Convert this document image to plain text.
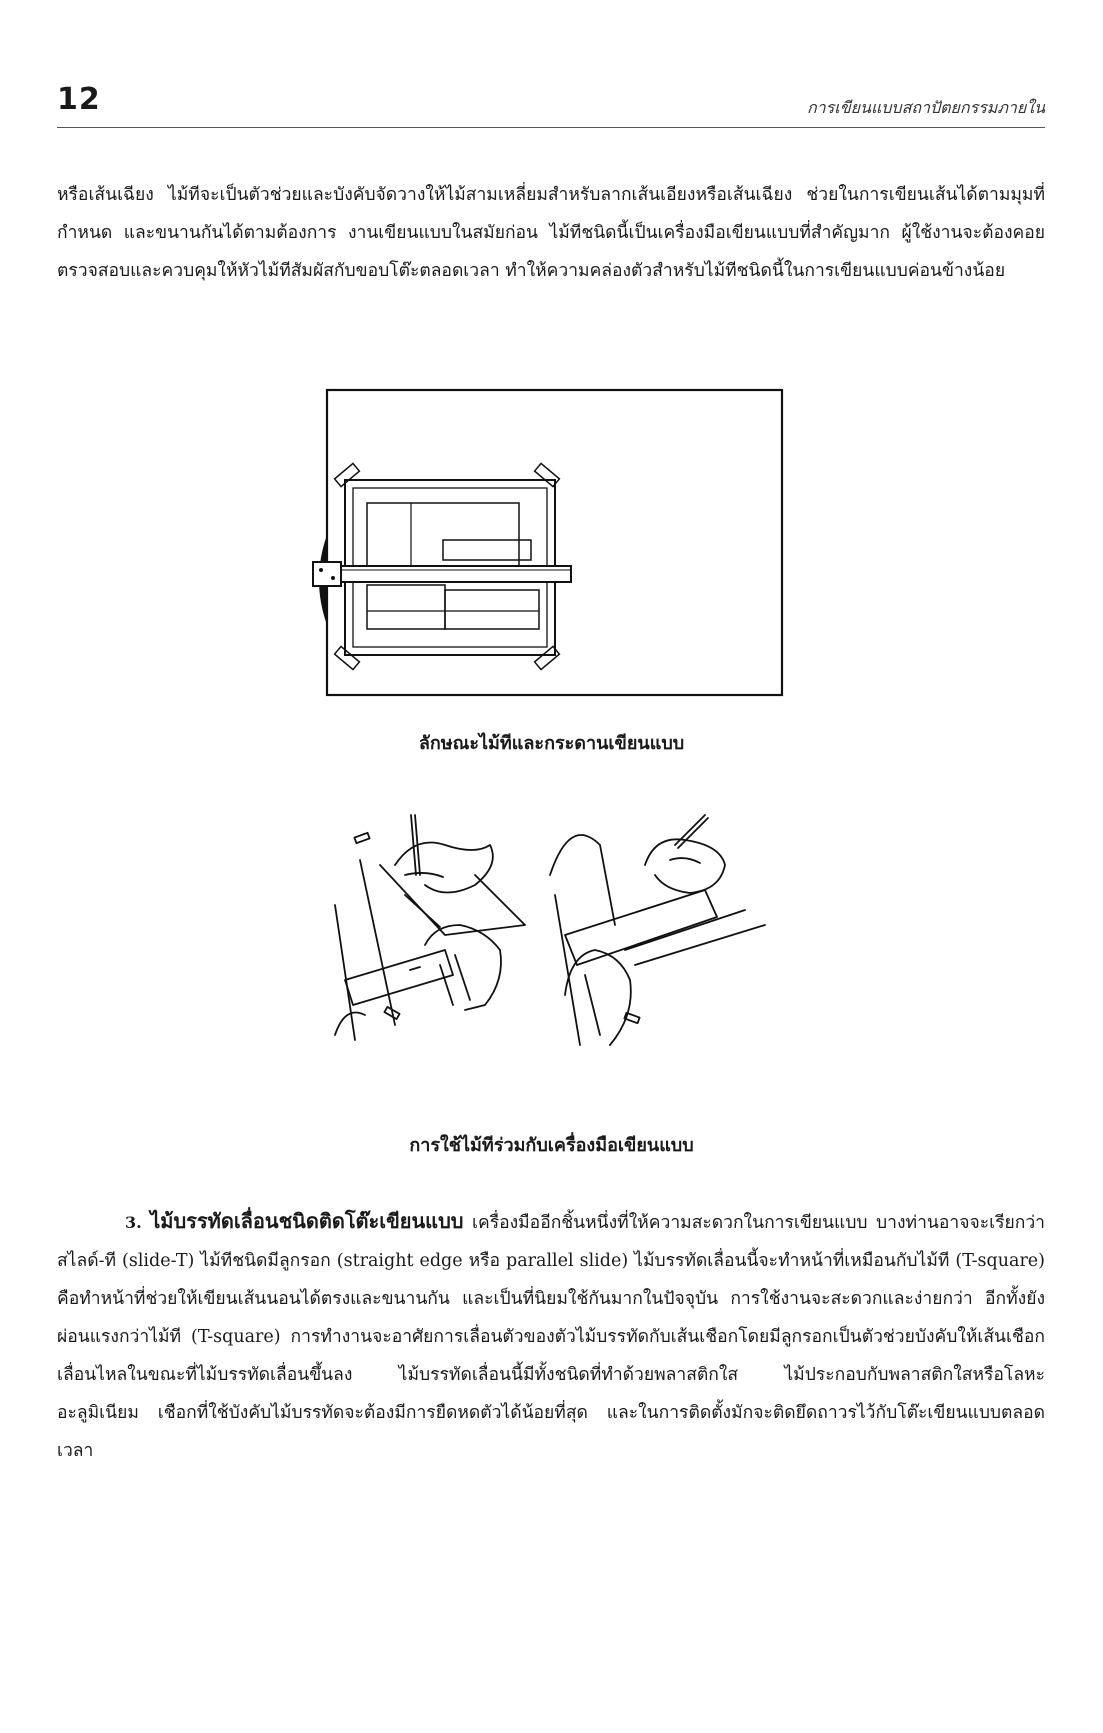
12	การเขียนแบบสถาปัตยกรรมภายใน

หรือเส้นเฉียง ไม้ทีจะเป็นตัวช่วยและบังคับจัดวางให้ไม้สามเหลี่ยมสำหรับลากเส้นเอียงหรือเส้นเฉียง ช่วยในการเขียนเส้นได้ตามมุมที่กำหนด และขนานกันได้ตามต้องการ งานเขียนแบบในสมัยก่อน ไม้ทีชนิดนี้เป็นเครื่องมือเขียนแบบที่สำคัญมาก ผู้ใช้งานจะต้องคอยตรวจสอบและควบคุมให้หัวไม้ทีสัมผัสกับขอบโต๊ะตลอดเวลา ทำให้ความคล่องตัวสำหรับไม้ทีชนิดนี้ในการเขียนแบบค่อนข้างน้อย

ลักษณะไม้ทีและกระดานเขียนแบบ
การใช้ไม้ทีร่วมกับเครื่องมือเขียนแบบ

3. ไม้บรรทัดเลื่อนชนิดติดโต๊ะเขียนแบบ เครื่องมืออีกชิ้นหนึ่งที่ให้ความสะดวกในการเขียนแบบ บางท่านอาจจะเรียกว่าสไลด์-ที (slide-T) ไม้ทีชนิดมีลูกรอก (straight edge หรือ parallel slide) ไม้บรรทัดเลื่อนนี้จะทำหน้าที่เหมือนกับไม้ที (T-square) คือทำหน้าที่ช่วยให้เขียนเส้นนอนได้ตรงและขนานกัน และเป็นที่นิยมใช้กันมากในปัจจุบัน การใช้งานจะสะดวกและง่ายกว่า อีกทั้งยังผ่อนแรงกว่าไม้ที (T-square) การทำงานจะอาศัยการเลื่อนตัวของตัวไม้บรรทัดกับเส้นเชือกโดยมีลูกรอกเป็นตัวช่วยบังคับให้เส้นเชือกเลื่อนไหลในขณะที่ไม้บรรทัดเลื่อนขึ้นลง ไม้บรรทัดเลื่อนนี้มีทั้งชนิดที่ทำด้วยพลาสติกใส ไม้ประกอบกับพลาสติกใสหรือโลหะอะลูมิเนียม เชือกที่ใช้บังคับไม้บรรทัดจะต้องมีการยืดหดตัวได้น้อยที่สุด และในการติดตั้งมักจะติดยึดถาวรไว้กับโต๊ะเขียนแบบตลอดเวลา
